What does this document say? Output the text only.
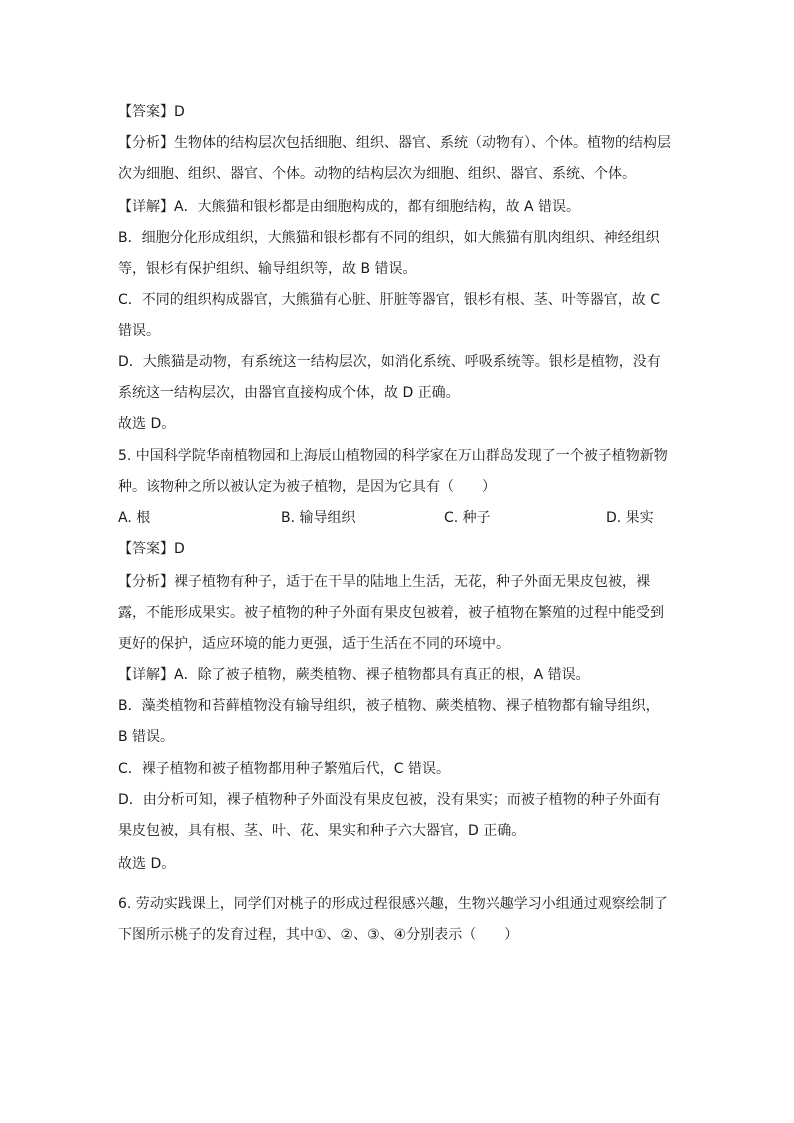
【答案】D
【分析】生物体的结构层次包括细胞、组织、器官、系统（动物有）、个体。植物的结构层
次为细胞、组织、器官、个体。动物的结构层次为细胞、组织、器官、系统、个体。
【详解】A．大熊猫和银杉都是由细胞构成的，都有细胞结构，故 A 错误。
B．细胞分化形成组织，大熊猫和银杉都有不同的组织，如大熊猫有肌肉组织、神经组织
等，银杉有保护组织、输导组织等，故 B 错误。
C．不同的组织构成器官，大熊猫有心脏、肝脏等器官，银杉有根、茎、叶等器官，故 C
错误。
D．大熊猫是动物，有系统这一结构层次，如消化系统、呼吸系统等。银杉是植物，没有
系统这一结构层次，由器官直接构成个体，故 D 正确。
故选 D。
5. 中国科学院华南植物园和上海辰山植物园的科学家在万山群岛发现了一个被子植物新物
种。该物种之所以被认定为被子植物，是因为它具有（　　）
A. 根	B. 输导组织	C. 种子	D. 果实
【答案】D
【分析】裸子植物有种子，适于在干旱的陆地上生活，无花，种子外面无果皮包被，裸
露，不能形成果实。被子植物的种子外面有果皮包被着，被子植物在繁殖的过程中能受到
更好的保护，适应环境的能力更强，适于生活在不同的环境中。
【详解】A．除了被子植物，蕨类植物、裸子植物都具有真正的根，A 错误。
B．藻类植物和苔藓植物没有输导组织，被子植物、蕨类植物、裸子植物都有输导组织，
B 错误。
C．裸子植物和被子植物都用种子繁殖后代，C 错误。
D．由分析可知，裸子植物种子外面没有果皮包被，没有果实；而被子植物的种子外面有
果皮包被，具有根、茎、叶、花、果实和种子六大器官，D 正确。
故选 D。
6. 劳动实践课上，同学们对桃子的形成过程很感兴趣，生物兴趣学习小组通过观察绘制了
下图所示桃子的发育过程，其中①、②、③、④分别表示（　　）
